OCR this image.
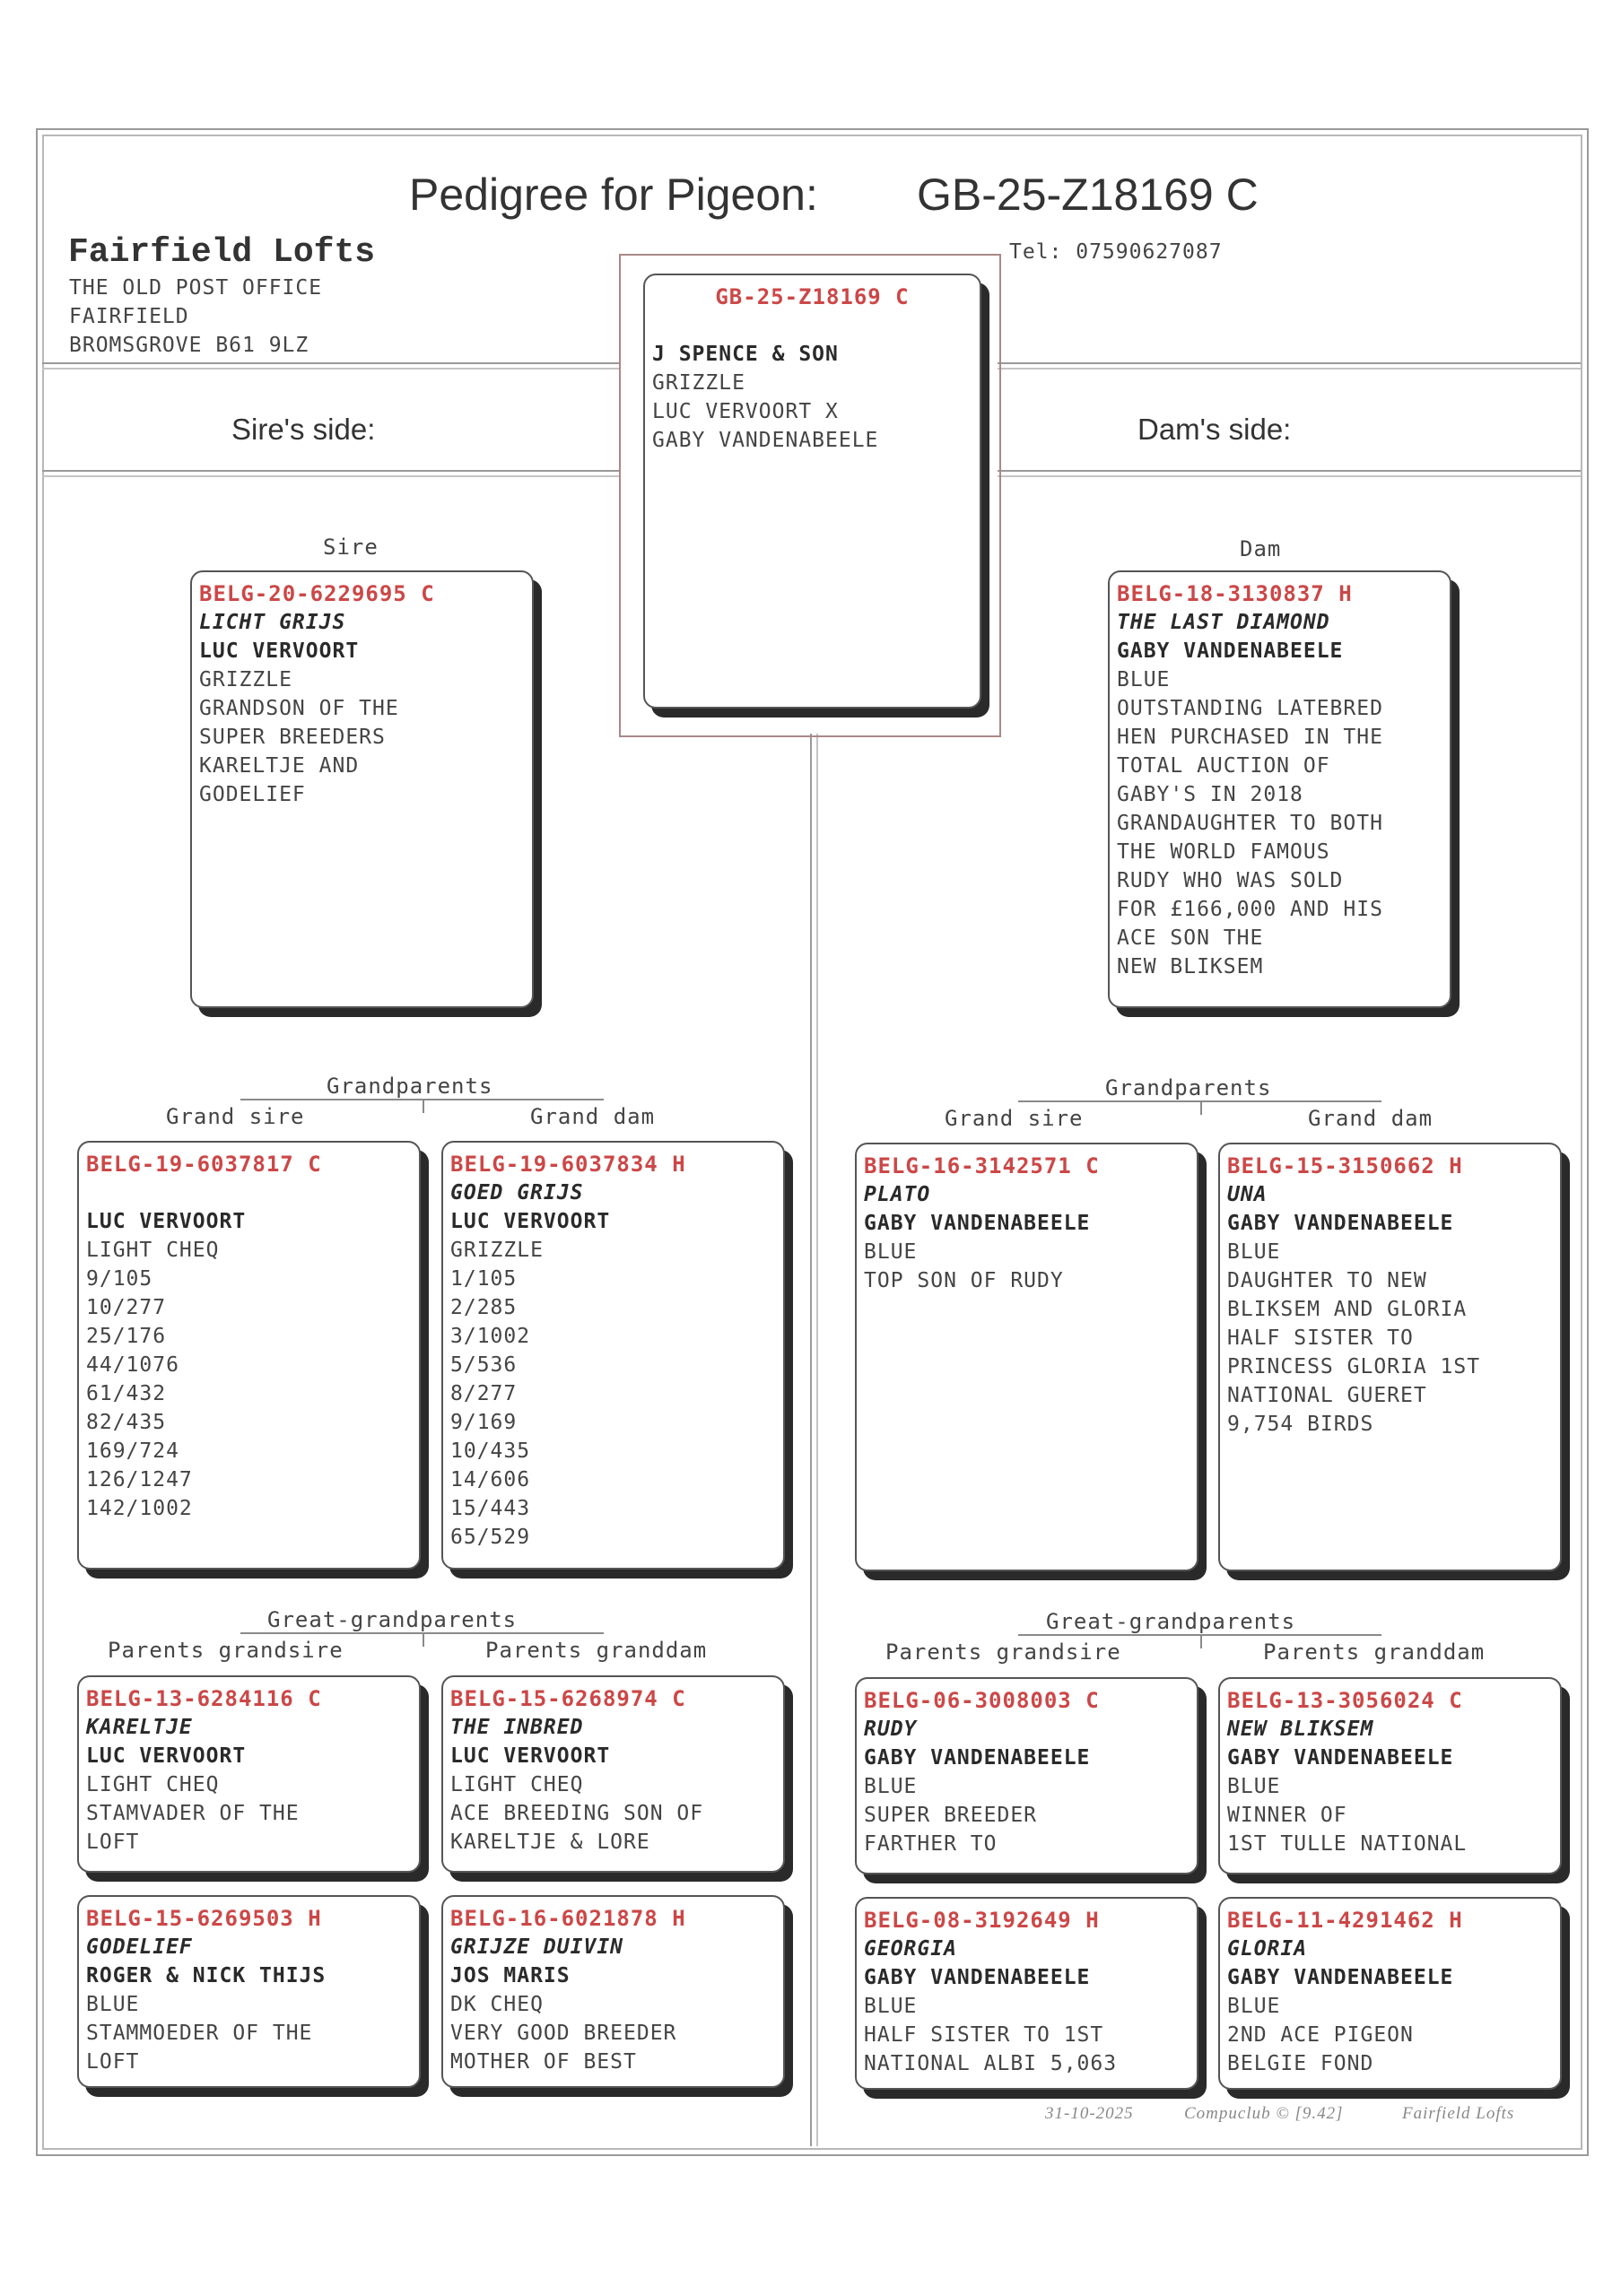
Pedigree for Pigeon: GB-25-Z18169 C
Fairfield Lofts
THE OLD POST OFFICE
FAIRFIELD
BROMSGROVE B61 9LZ
Tel: 07590627087
Sire's side:	Dam's side:
GB-25-Z18169 C
J SPENCE & SON
GRIZZLE
LUC VERVOORT X
GABY VANDENABEELE
Sire
BELG-20-6229695 C
LICHT GRIJS
LUC VERVOORT
GRIZZLE
GRANDSON OF THE
SUPER BREEDERS
KARELTJE AND
GODELIEF
Dam
BELG-18-3130837 H
THE LAST DIAMOND
GABY VANDENABEELE
BLUE
OUTSTANDING LATEBRED
HEN PURCHASED IN THE
TOTAL AUCTION OF
GABY'S IN 2018
GRANDAUGHTER TO BOTH
THE WORLD FAMOUS
RUDY WHO WAS SOLD
FOR £166,000 AND HIS
ACE SON THE
NEW BLIKSEM
Grandparents
Grand sire	Grand dam
Grandparents
Grand sire	Grand dam
BELG-19-6037817 C
LUC VERVOORT
LIGHT CHEQ
9/105
10/277
25/176
44/1076
61/432
82/435
169/724
126/1247
142/1002
BELG-19-6037834 H
GOED GRIJS
LUC VERVOORT
GRIZZLE
1/105
2/285
3/1002
5/536
8/277
9/169
10/435
14/606
15/443
65/529
BELG-16-3142571 C
PLATO
GABY VANDENABEELE
BLUE
TOP SON OF RUDY
BELG-15-3150662 H
UNA
GABY VANDENABEELE
BLUE
DAUGHTER TO NEW
BLIKSEM AND GLORIA
HALF SISTER TO
PRINCESS GLORIA 1ST
NATIONAL GUERET
9,754 BIRDS
Great-grandparents
Parents grandsire	Parents granddam
Great-grandparents
Parents grandsire	Parents granddam
BELG-13-6284116 C
KARELTJE
LUC VERVOORT
LIGHT CHEQ
STAMVADER OF THE
LOFT
BELG-15-6268974 C
THE INBRED
LUC VERVOORT
LIGHT CHEQ
ACE BREEDING SON OF
KARELTJE & LORE
BELG-06-3008003 C
RUDY
GABY VANDENABEELE
BLUE
SUPER BREEDER
FARTHER TO
BELG-13-3056024 C
NEW BLIKSEM
GABY VANDENABEELE
BLUE
WINNER OF
1ST TULLE NATIONAL
BELG-15-6269503 H
GODELIEF
ROGER & NICK THIJS
BLUE
STAMMOEDER OF THE
LOFT
BELG-16-6021878 H
GRIJZE DUIVIN
JOS MARIS
DK CHEQ
VERY GOOD BREEDER
MOTHER OF BEST
BELG-08-3192649 H
GEORGIA
GABY VANDENABEELE
BLUE
HALF SISTER TO 1ST
NATIONAL ALBI 5,063
BELG-11-4291462 H
GLORIA
GABY VANDENABEELE
BLUE
2ND ACE PIGEON
BELGIE FOND
31-10-2025	Compuclub © [9.42]	Fairfield Lofts
